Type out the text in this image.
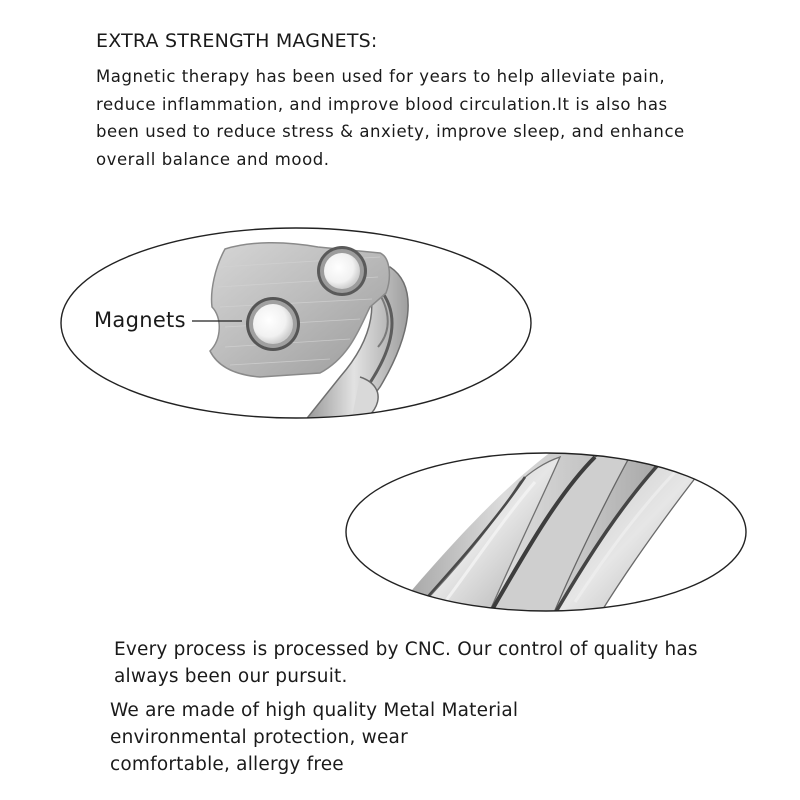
EXTRA STRENGTH MAGNETS:

Magnetic therapy has been used for years to help alleviate pain,
reduce inflammation, and improve blood circulation.It is also has
been used to reduce stress & anxiety, improve sleep, and enhance
overall balance and mood.

Magnets

Every process is processed by CNC. Our control of quality has
always been our pursuit.

We are made of high quality Metal Material
environmental protection, wear
comfortable, allergy free
